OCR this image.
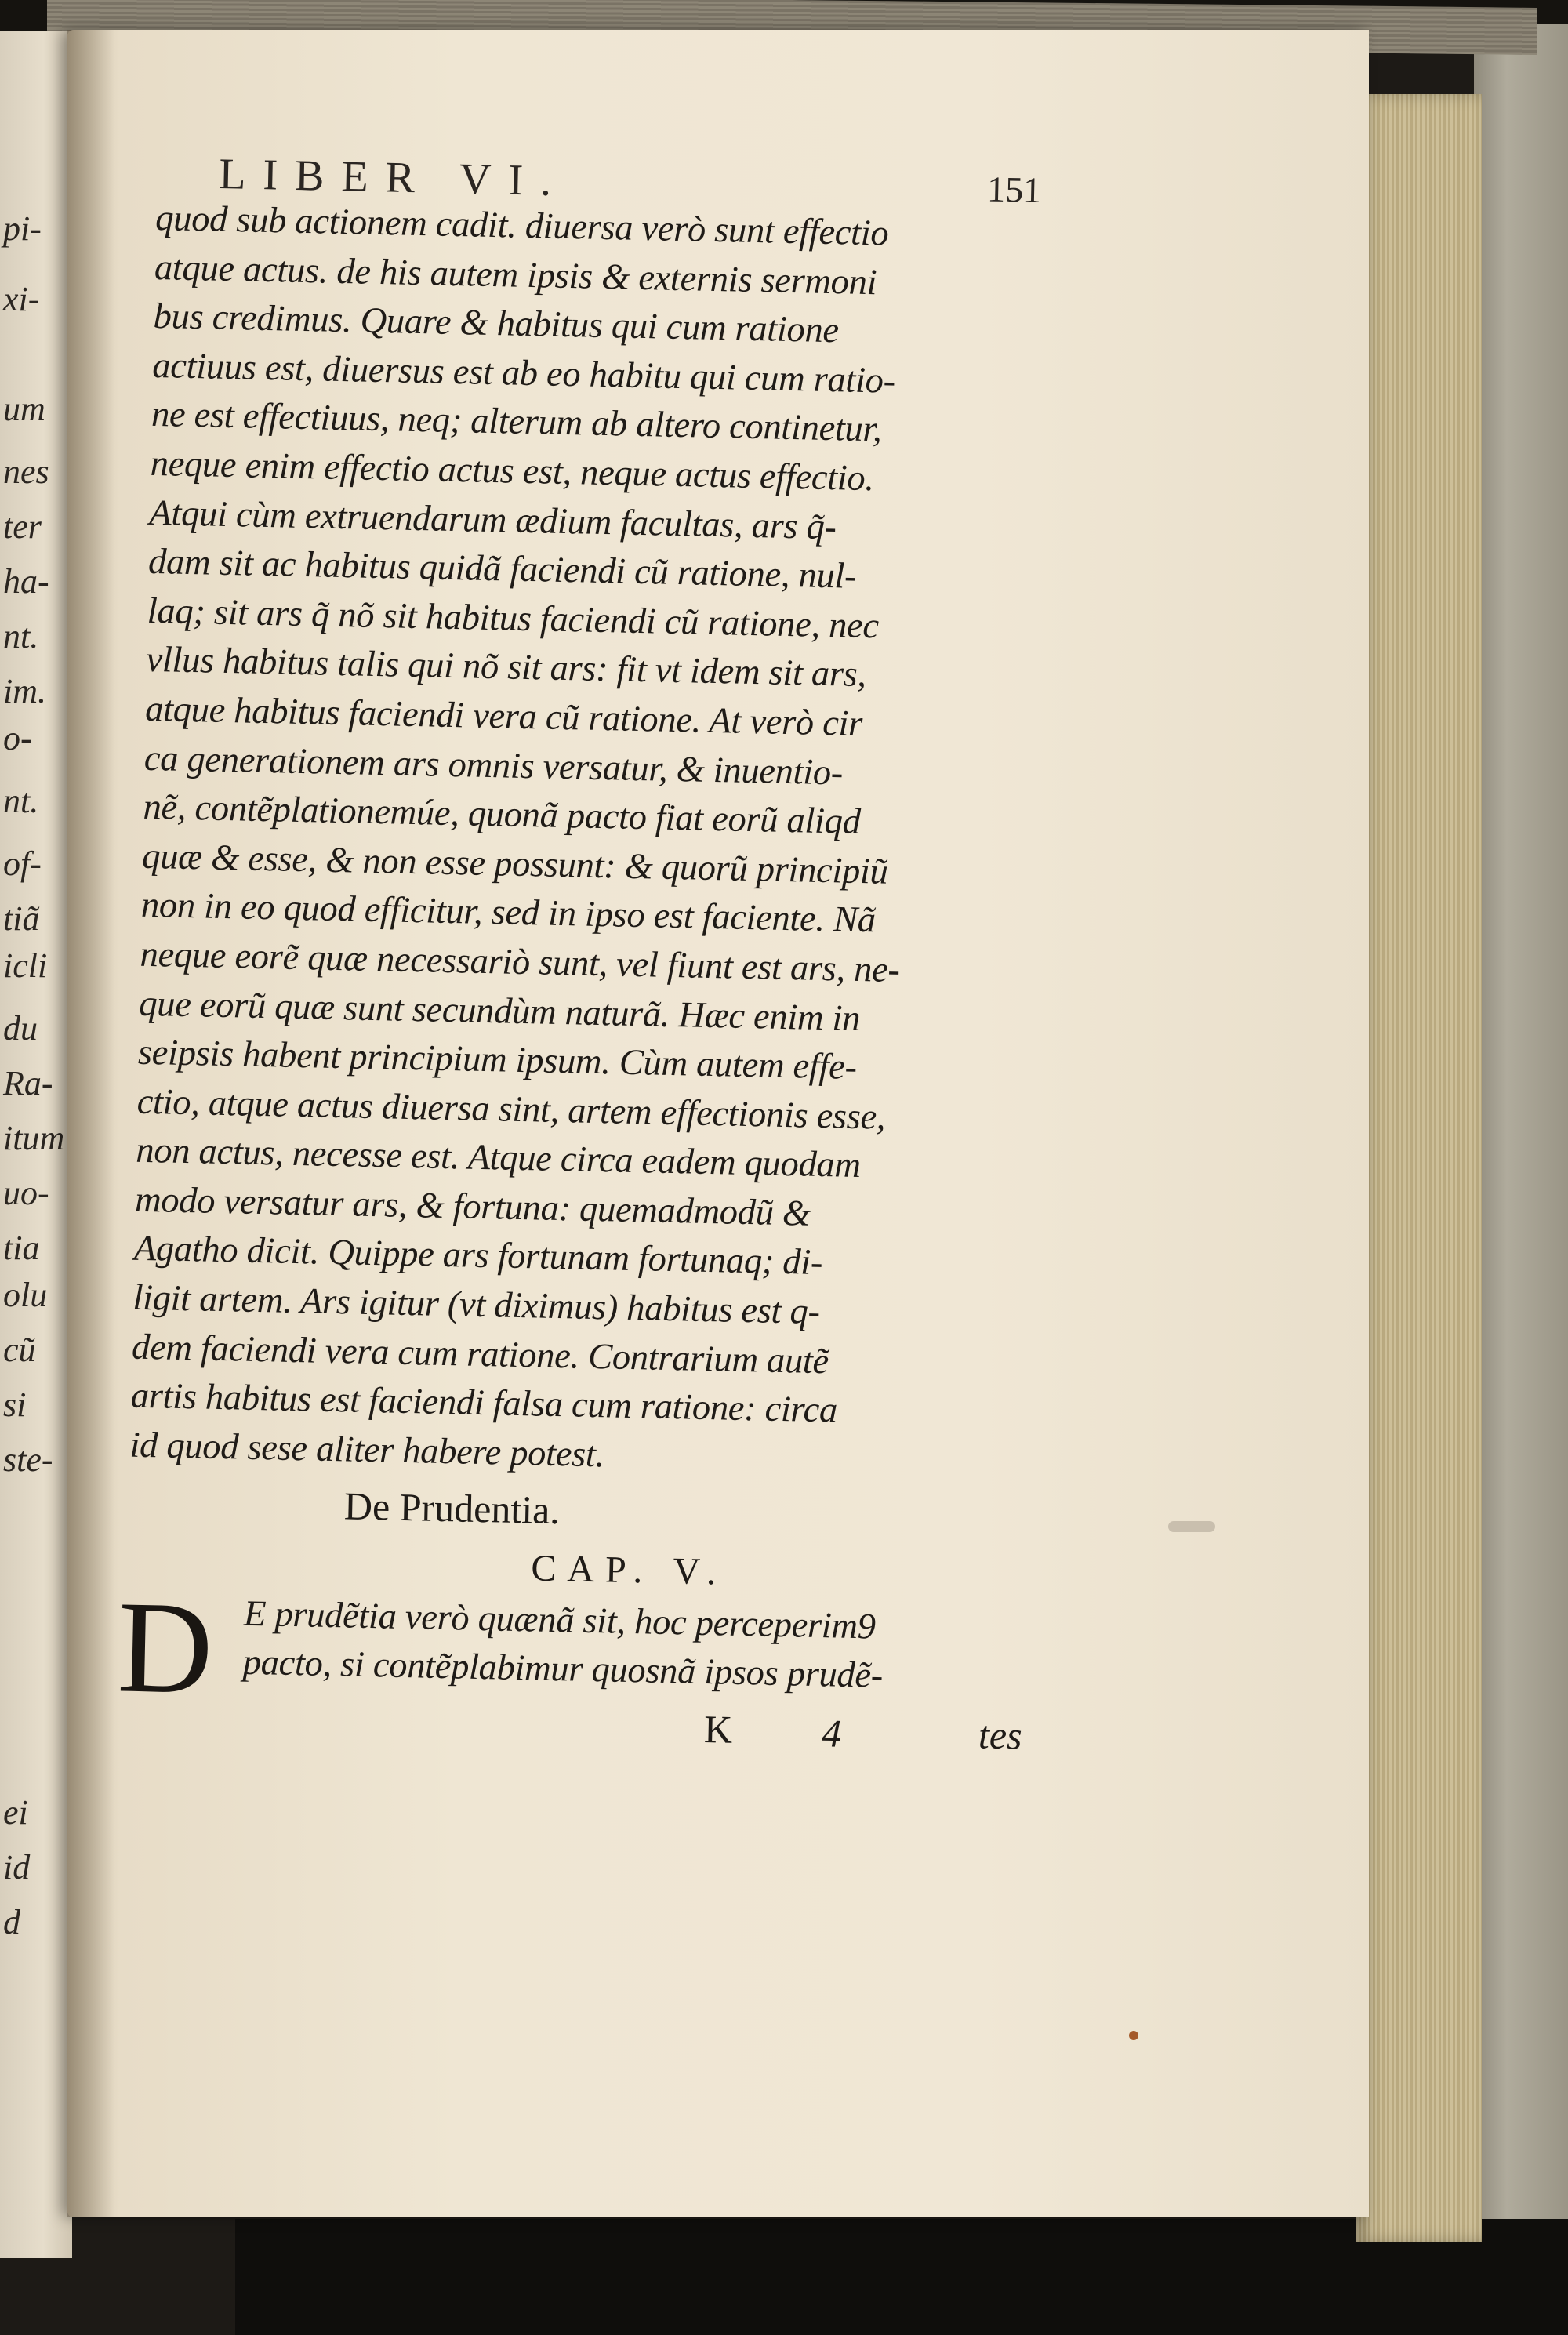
pi-
xi-
um
nes
ter
ha-
nt.
im.
o-
nt.
of-
tiã
icli
du
Ra-
itum
uo-
tia
olu
cũ
si
ste-
ei
id
d
LIBER VI.	151
quod sub actionem cadit. diuersa verò sunt effectio
atque actus. de his autem ipsis & externis sermoni
bus credimus. Quare & habitus qui cum ratione
actiuus est, diuersus est ab eo habitu qui cum ratio-
ne est effectiuus, neq; alterum ab altero continetur,
neque enim effectio actus est, neque actus effectio.
Atqui cùm extruendarum ædium facultas, ars q̃-
dam sit ac habitus quidã faciendi cũ ratione, nul-
laq; sit ars q̃ nõ sit habitus faciendi cũ ratione, nec
vllus habitus talis qui nõ sit ars: fit vt idem sit ars,
atque habitus faciendi vera cũ ratione. At verò cir
ca generationem ars omnis versatur, & inuentio-
nẽ, contẽplationemúe, quonã pacto fiat eorũ aliqd
quæ & esse, & non esse possunt: & quorũ principiũ
non in eo quod efficitur, sed in ipso est faciente. Nã
neque eorẽ quæ necessariò sunt, vel fiunt est ars, ne-
que eorũ quæ sunt secundùm naturã. Hæc enim in
seipsis habent principium ipsum. Cùm autem effe-
ctio, atque actus diuersa sint, artem effectionis esse,
non actus, necesse est. Atque circa eadem quodam
modo versatur ars, & fortuna: quemadmodũ &
Agatho dicit. Quippe ars fortunam fortunaq; di-
ligit artem. Ars igitur (vt diximus) habitus est q-
dem faciendi vera cum ratione. Contrarium autẽ
artis habitus est faciendi falsa cum ratione: circa
id quod sese aliter habere potest.
De Prudentia.
CAP. V.
D E prudẽtia verò quænã sit, hoc perceperim9
pacto, si contẽplabimur quosnã ipsos prudẽ-
K 4	tes
